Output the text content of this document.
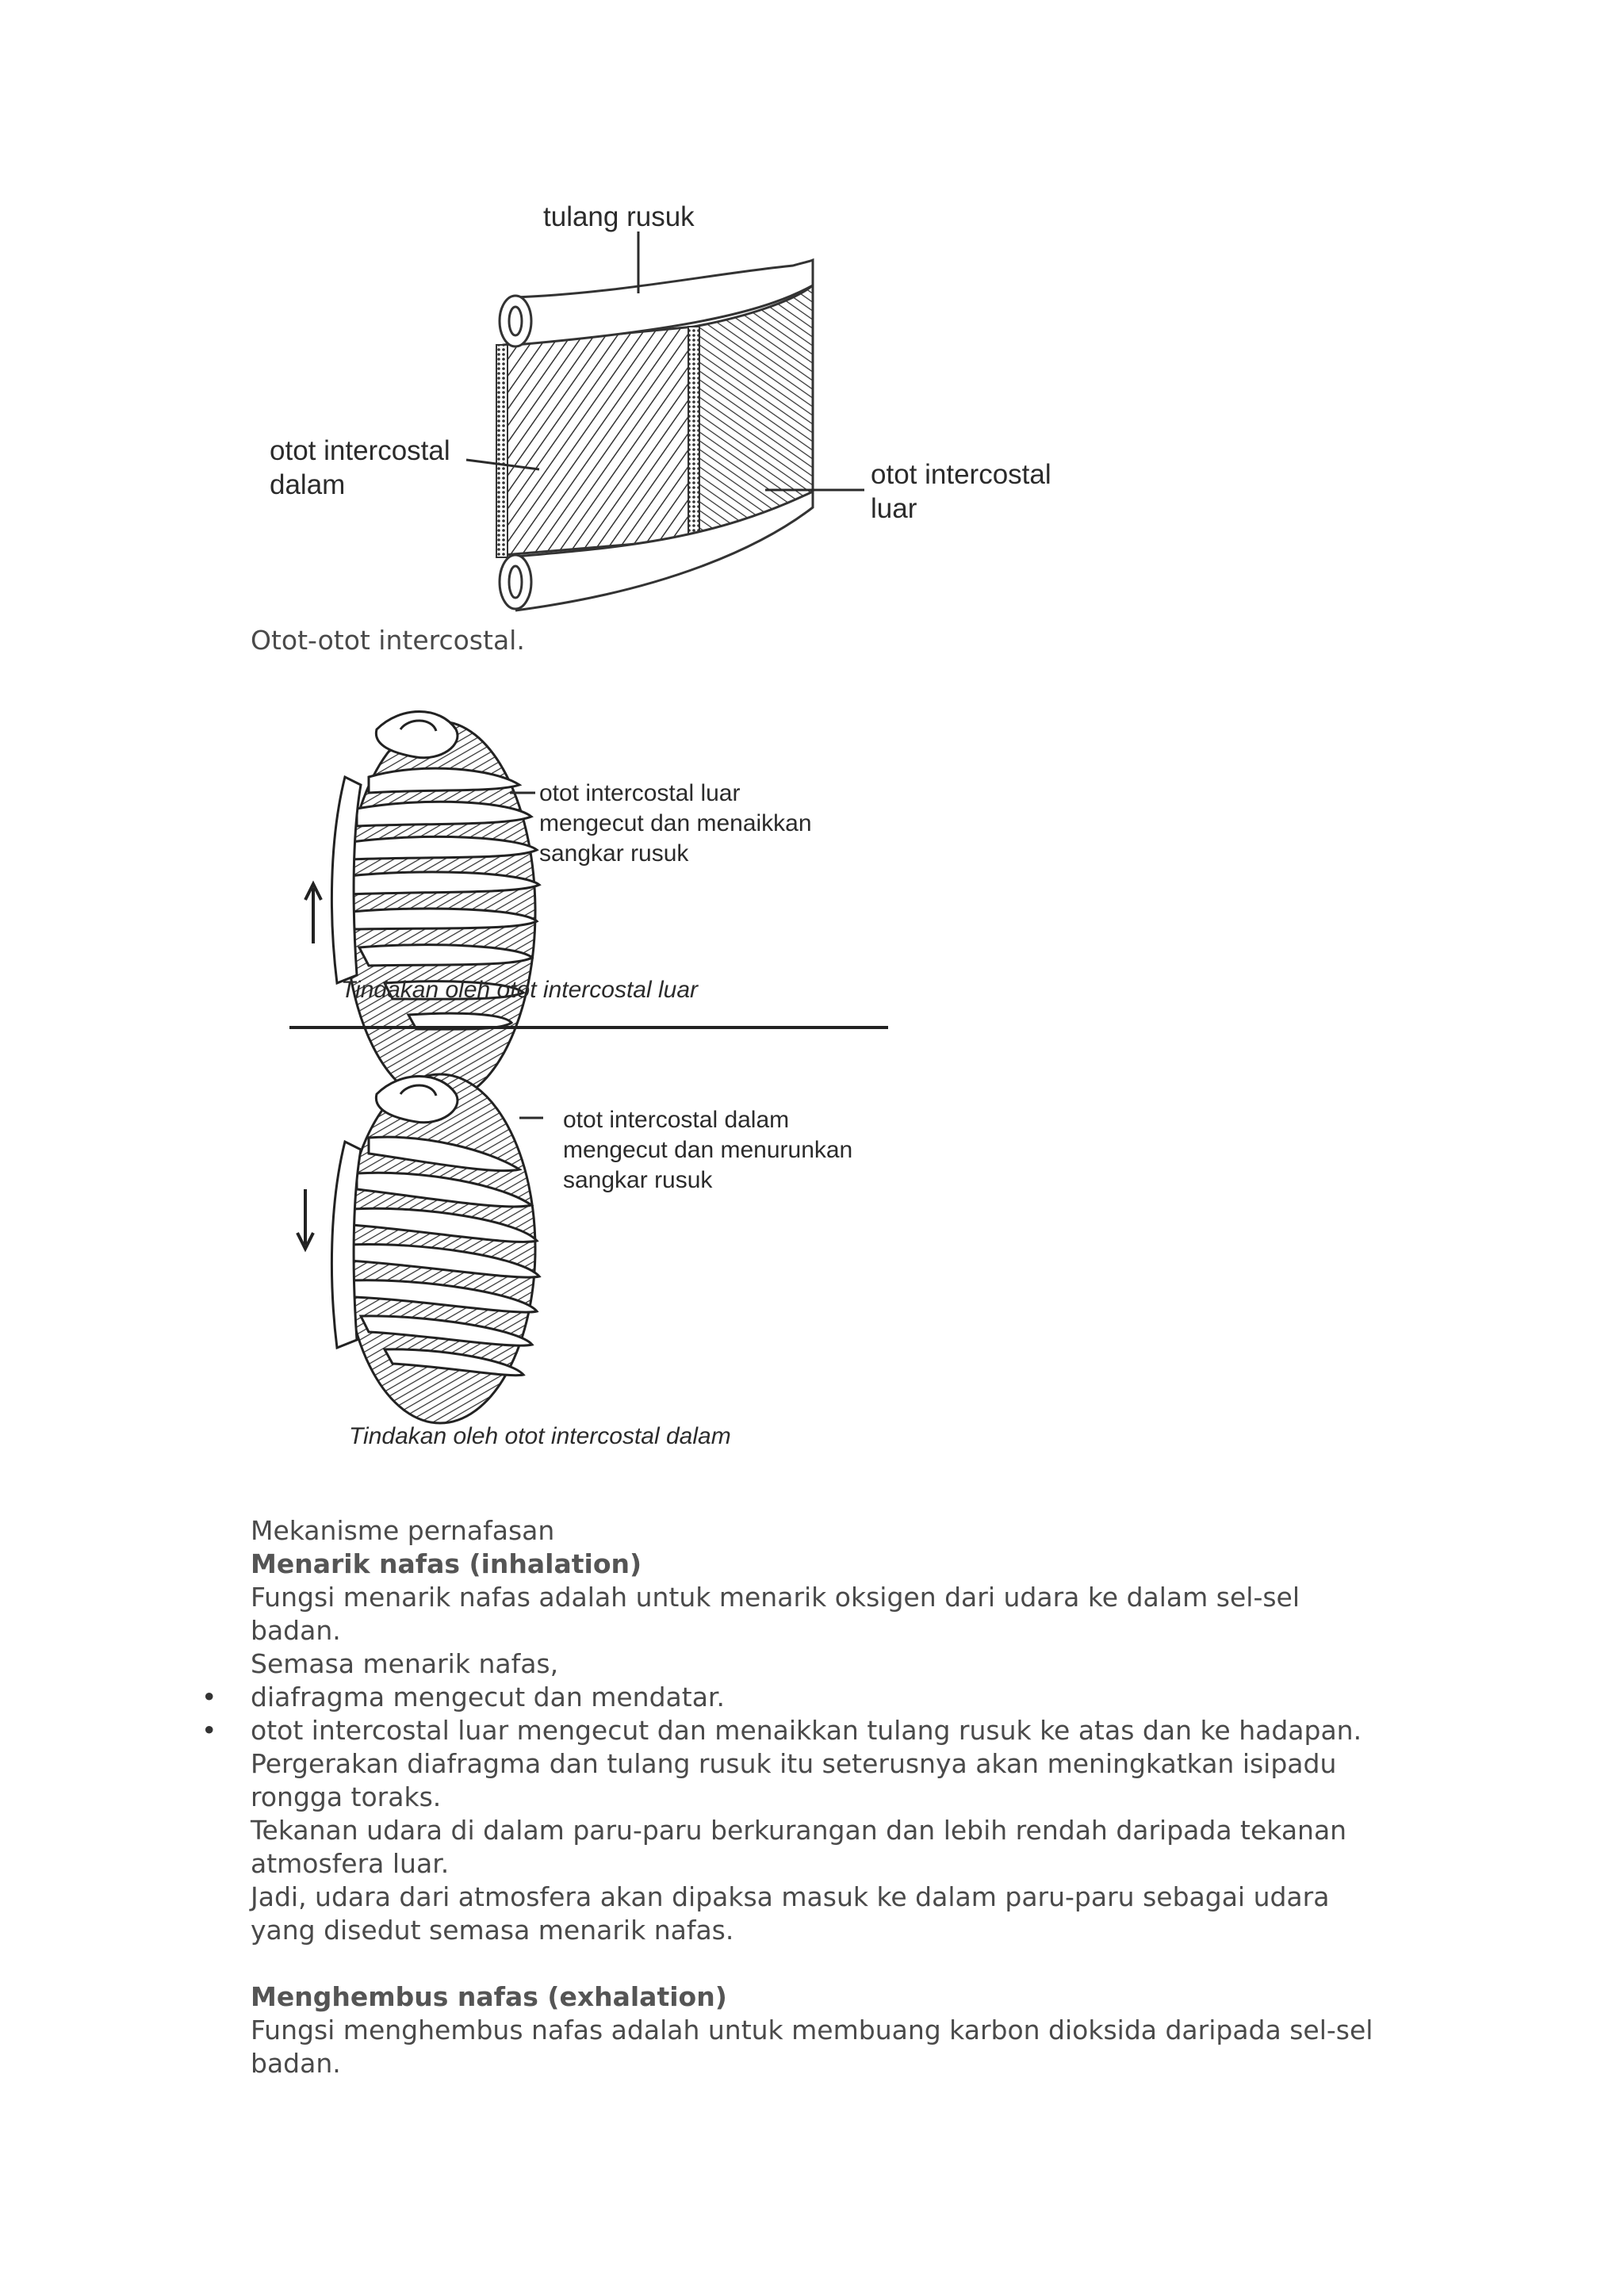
tulang rusuk
otot intercostal
dalam	otot intercostal
luar

Otot-otot intercostal.

otot intercostal luar
mengecut dan menaikkan
sangkar rusuk
Tindakan oleh otot intercostal luar
otot intercostal dalam
mengecut dan menurunkan
sangkar rusuk
Tindakan oleh otot intercostal dalam

Mekanisme pernafasan

Menarik nafas (inhalation)

Fungsi menarik nafas adalah untuk menarik oksigen dari udara ke dalam sel-sel

badan.

Semasa menarik nafas,

• diafragma mengecut dan mendatar.
• otot intercostal luar mengecut dan menaikkan tulang rusuk ke atas dan ke hadapan.

Pergerakan diafragma dan tulang rusuk itu seterusnya akan meningkatkan isipadu

rongga toraks.

Tekanan udara di dalam paru-paru berkurangan dan lebih rendah daripada tekanan

atmosfera luar.

Jadi, udara dari atmosfera akan dipaksa masuk ke dalam paru-paru sebagai udara

yang disedut semasa menarik nafas.

Menghembus nafas (exhalation)

Fungsi menghembus nafas adalah untuk membuang karbon dioksida daripada sel-sel

badan.
